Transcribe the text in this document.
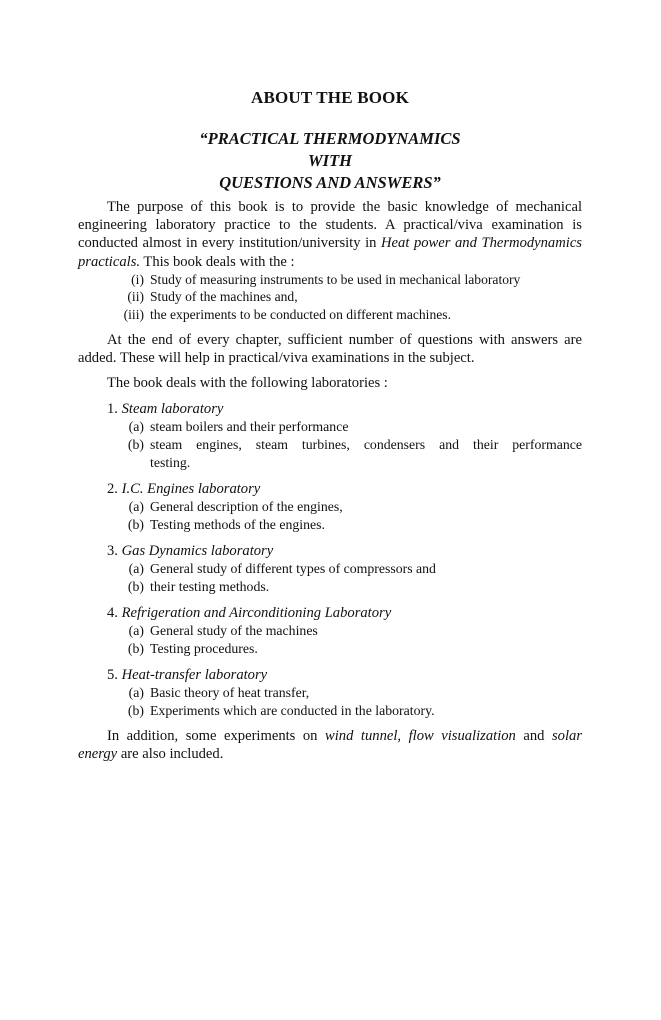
ABOUT THE BOOK
“PRACTICAL THERMODYNAMICS
WITH
QUESTIONS AND ANSWERS”

The purpose of this book is to provide the basic knowledge of mechanical engineering laboratory practice to the students. A practical/viva examination is conducted almost in every institution/university in Heat power and Thermodynamics practicals. This book deals with the :

(i) Study of measuring instruments to be used in mechanical laboratory
(ii) Study of the machines and,
(iii) the experiments to be conducted on different machines.

At the end of every chapter, sufficient number of questions with answers are added. These will help in practical/viva examinations in the subject.

The book deals with the following laboratories :

1. Steam laboratory
(a) steam boilers and their performance
(b) steam engines, steam turbines, condensers and their performance testing.
2. I.C. Engines laboratory
(a) General description of the engines,
(b) Testing methods of the engines.
3. Gas Dynamics laboratory
(a) General study of different types of compressors and
(b) their testing methods.
4. Refrigeration and Airconditioning Laboratory
(a) General study of the machines
(b) Testing procedures.
5. Heat-transfer laboratory
(a) Basic theory of heat transfer,
(b) Experiments which are conducted in the laboratory.

In addition, some experiments on wind tunnel, flow visualization and solar energy are also included.
